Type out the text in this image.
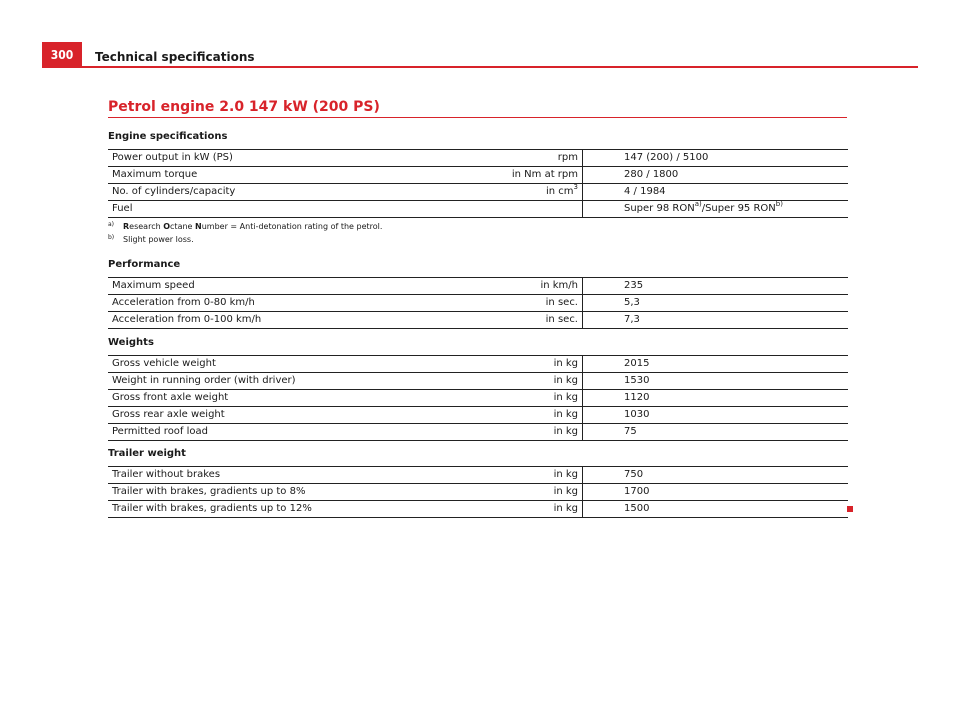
300	Technical specifications
Petrol engine 2.0 147 kW (200 PS)
Engine specifications
Power output in kW (PS)	rpm	147 (200) / 5100
Maximum torque	in Nm at rpm	280 / 1800
No. of cylinders/capacity	in $cm^3$	4 / 1984
Fuel		Super 98 RON$^{a)}$/Super 95 RON$^{b)}$
a)	Research Octane Number = Anti-detonation rating of the petrol.
b)	Slight power loss.
Performance
Maximum speed	in km/h	235
Acceleration from 0-80 km/h	in sec.	5,3
Acceleration from 0-100 km/h	in sec.	7,3
Weights
Gross vehicle weight	in kg	2015
Weight in running order (with driver)	in kg	1530
Gross front axle weight	in kg	1120
Gross rear axle weight	in kg	1030
Permitted roof load	in kg	75
Trailer weight
Trailer without brakes	in kg	750
Trailer with brakes, gradients up to 8%	in kg	1700
Trailer with brakes, gradients up to 12%	in kg	1500
